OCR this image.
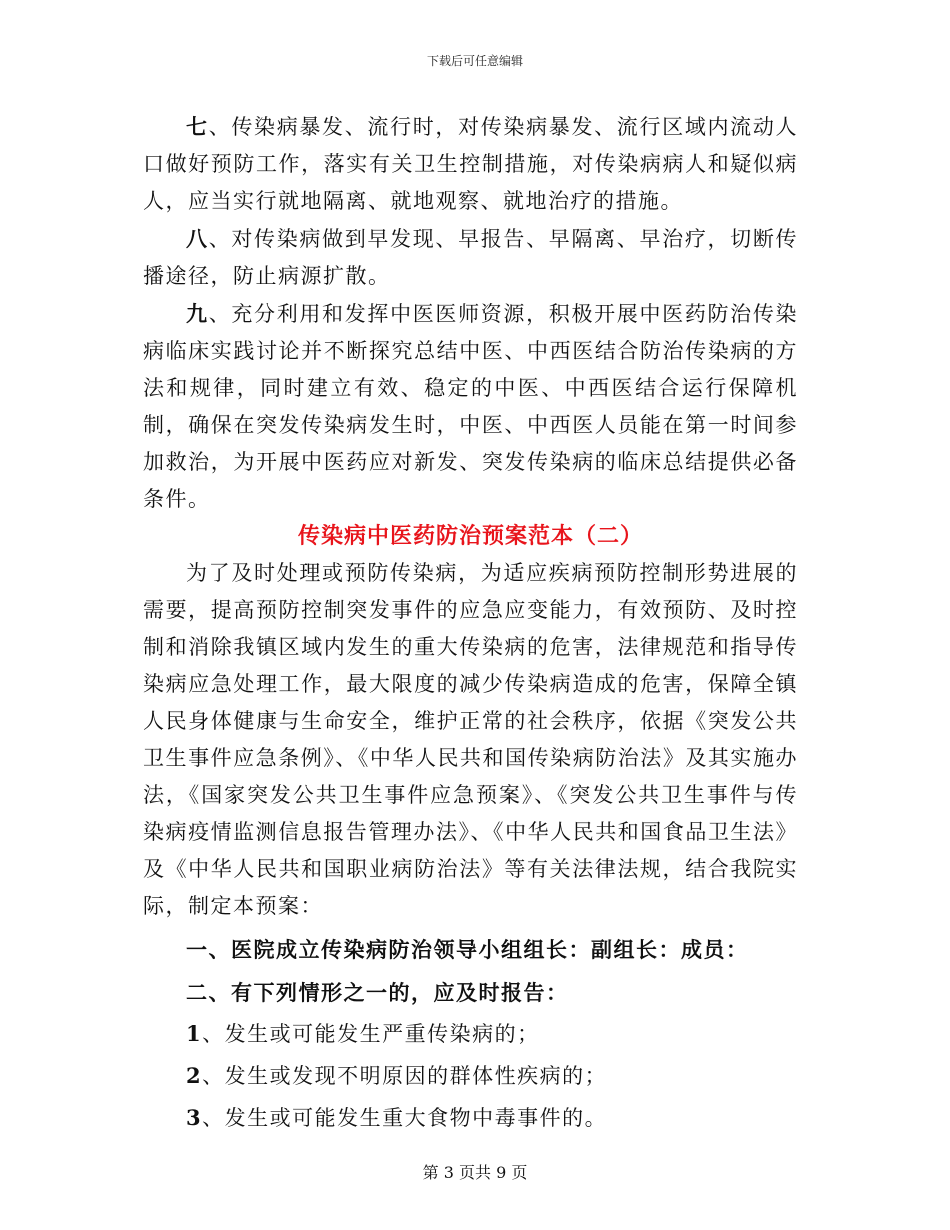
下载后可任意编辑

七、传染病暴发、流行时，对传染病暴发、流行区域内流动人口做好预防工作，落实有关卫生控制措施，对传染病病人和疑似病人，应当实行就地隔离、就地观察、就地治疗的措施。

八、对传染病做到早发现、早报告、早隔离、早治疗，切断传播途径，防止病源扩散。

九、充分利用和发挥中医医师资源，积极开展中医药防治传染病临床实践讨论并不断探究总结中医、中西医结合防治传染病的方法和规律，同时建立有效、稳定的中医、中西医结合运行保障机制，确保在突发传染病发生时，中医、中西医人员能在第一时间参加救治，为开展中医药应对新发、突发传染病的临床总结提供必备条件。

传染病中医药防治预案范本（二）

为了及时处理或预防传染病，为适应疾病预防控制形势进展的需要，提高预防控制突发事件的应急应变能力，有效预防、及时控制和消除我镇区域内发生的重大传染病的危害，法律规范和指导传染病应急处理工作，最大限度的减少传染病造成的危害，保障全镇人民身体健康与生命安全，维护正常的社会秩序，依据《突发公共卫生事件应急条例》、《中华人民共和国传染病防治法》及其实施办法，《国家突发公共卫生事件应急预案》、《突发公共卫生事件与传染病疫情监测信息报告管理办法》、《中华人民共和国食品卫生法》及《中华人民共和国职业病防治法》等有关法律法规，结合我院实际，制定本预案：

一、医院成立传染病防治领导小组组长：副组长：成员：

二、有下列情形之一的，应及时报告：

1、发生或可能发生严重传染病的；

2、发生或发现不明原因的群体性疾病的；

3、发生或可能发生重大食物中毒事件的。

第 3 页共 9 页
